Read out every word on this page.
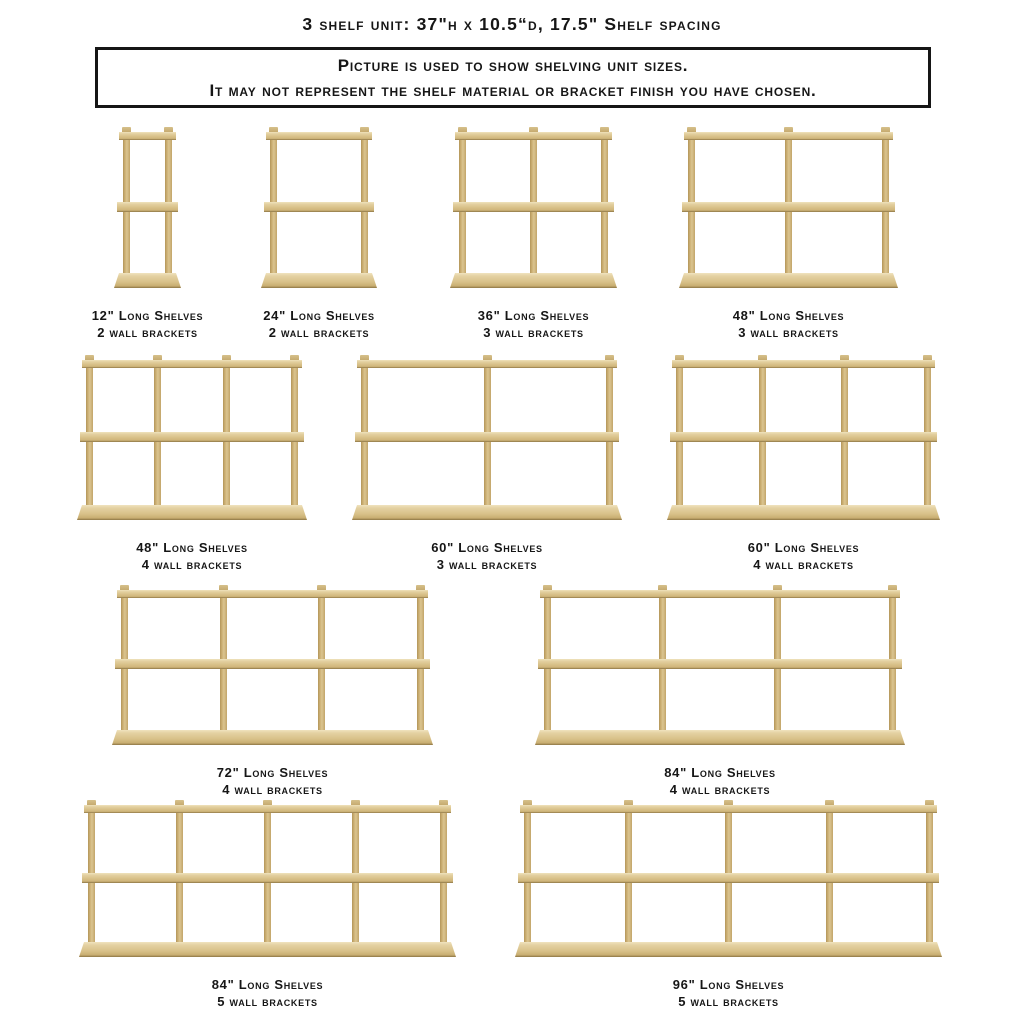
3 shelf unit: 37"h x 10.5“d, 17.5" Shelf spacing
Picture is used to show shelving unit sizes.
It may not represent the shelf material or bracket finish you have chosen.
12" Long Shelves
2 wall brackets
24" Long Shelves
2 wall brackets
36" Long Shelves
3 wall brackets
48" Long Shelves
3 wall brackets
48" Long Shelves
4 wall brackets
60" Long Shelves
3 wall brackets
60" Long Shelves
4 wall brackets
72" Long Shelves
4 wall brackets
84" Long Shelves
4 wall brackets
84" Long Shelves
5 wall brackets
96" Long Shelves
5 wall brackets
